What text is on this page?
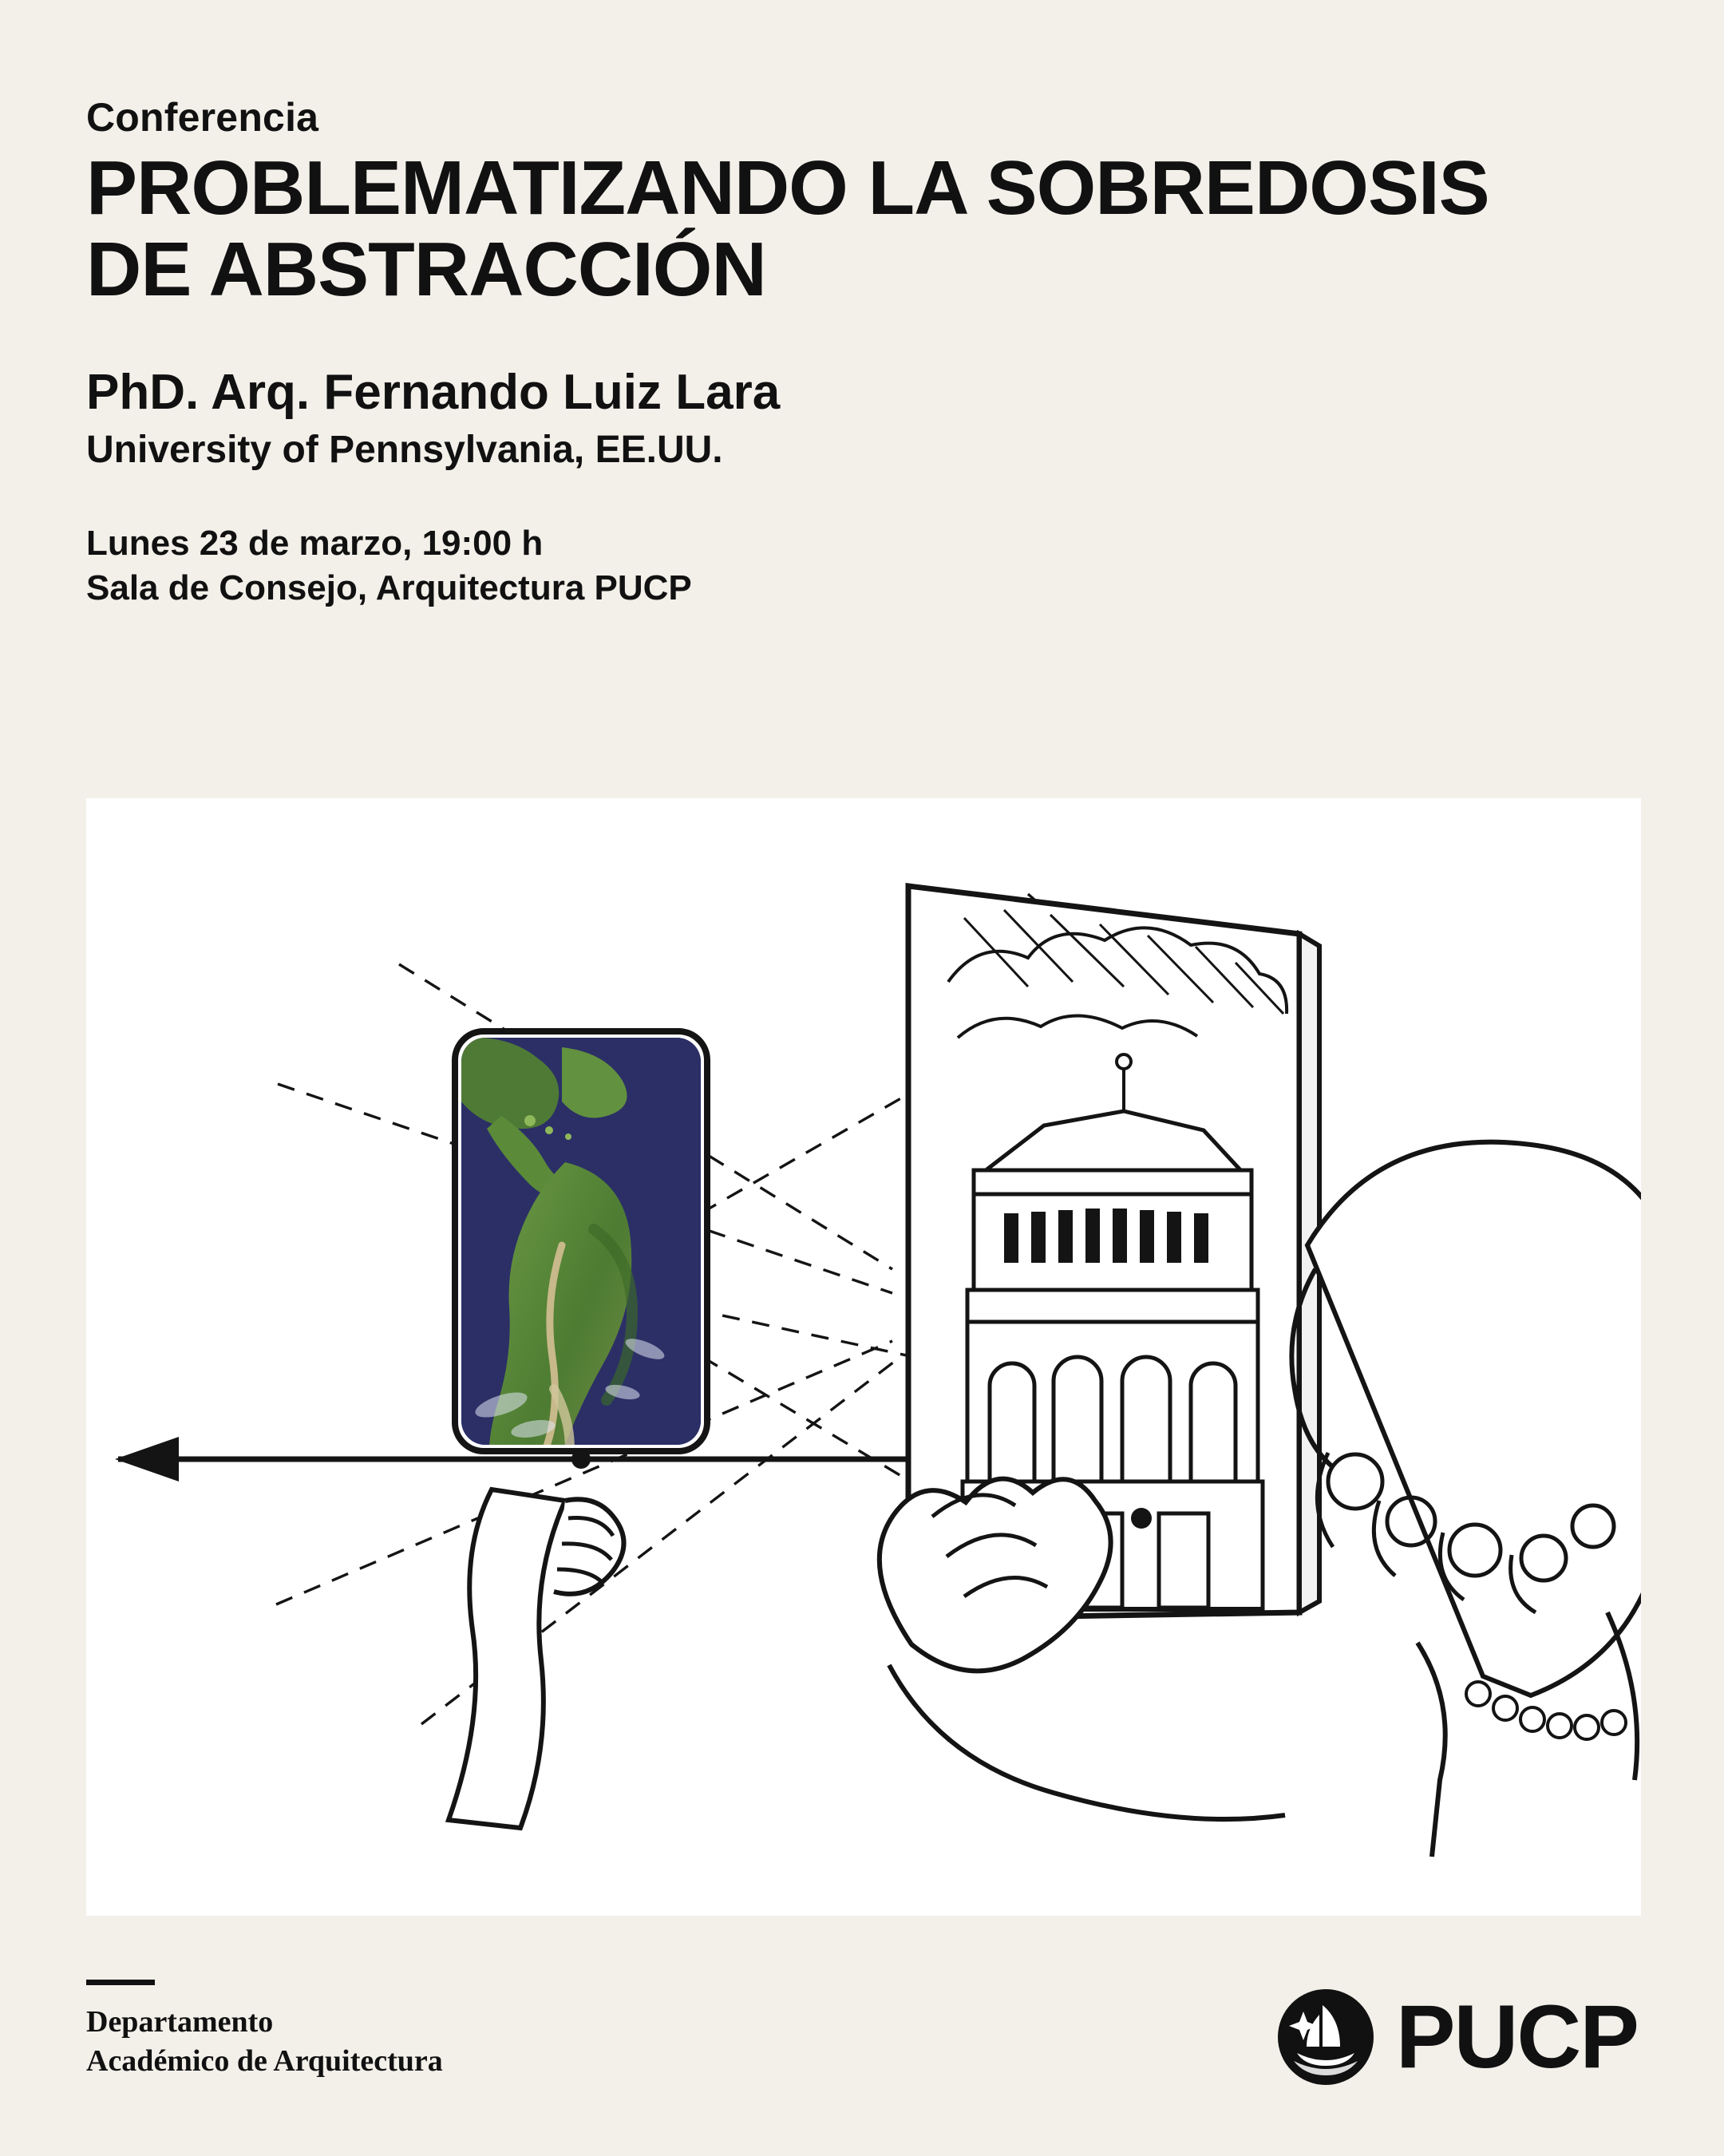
Conferencia

PROBLEMATIZANDO LA SOBREDOSIS
DE ABSTRACCIÓN

PhD. Arq. Fernando Luiz Lara

University of Pennsylvania, EE.UU.

Lunes 23 de marzo, 19:00 h
Sala de Consejo, Arquitectura PUCP
Departamento
Académico de Arquitectura	PUCP
